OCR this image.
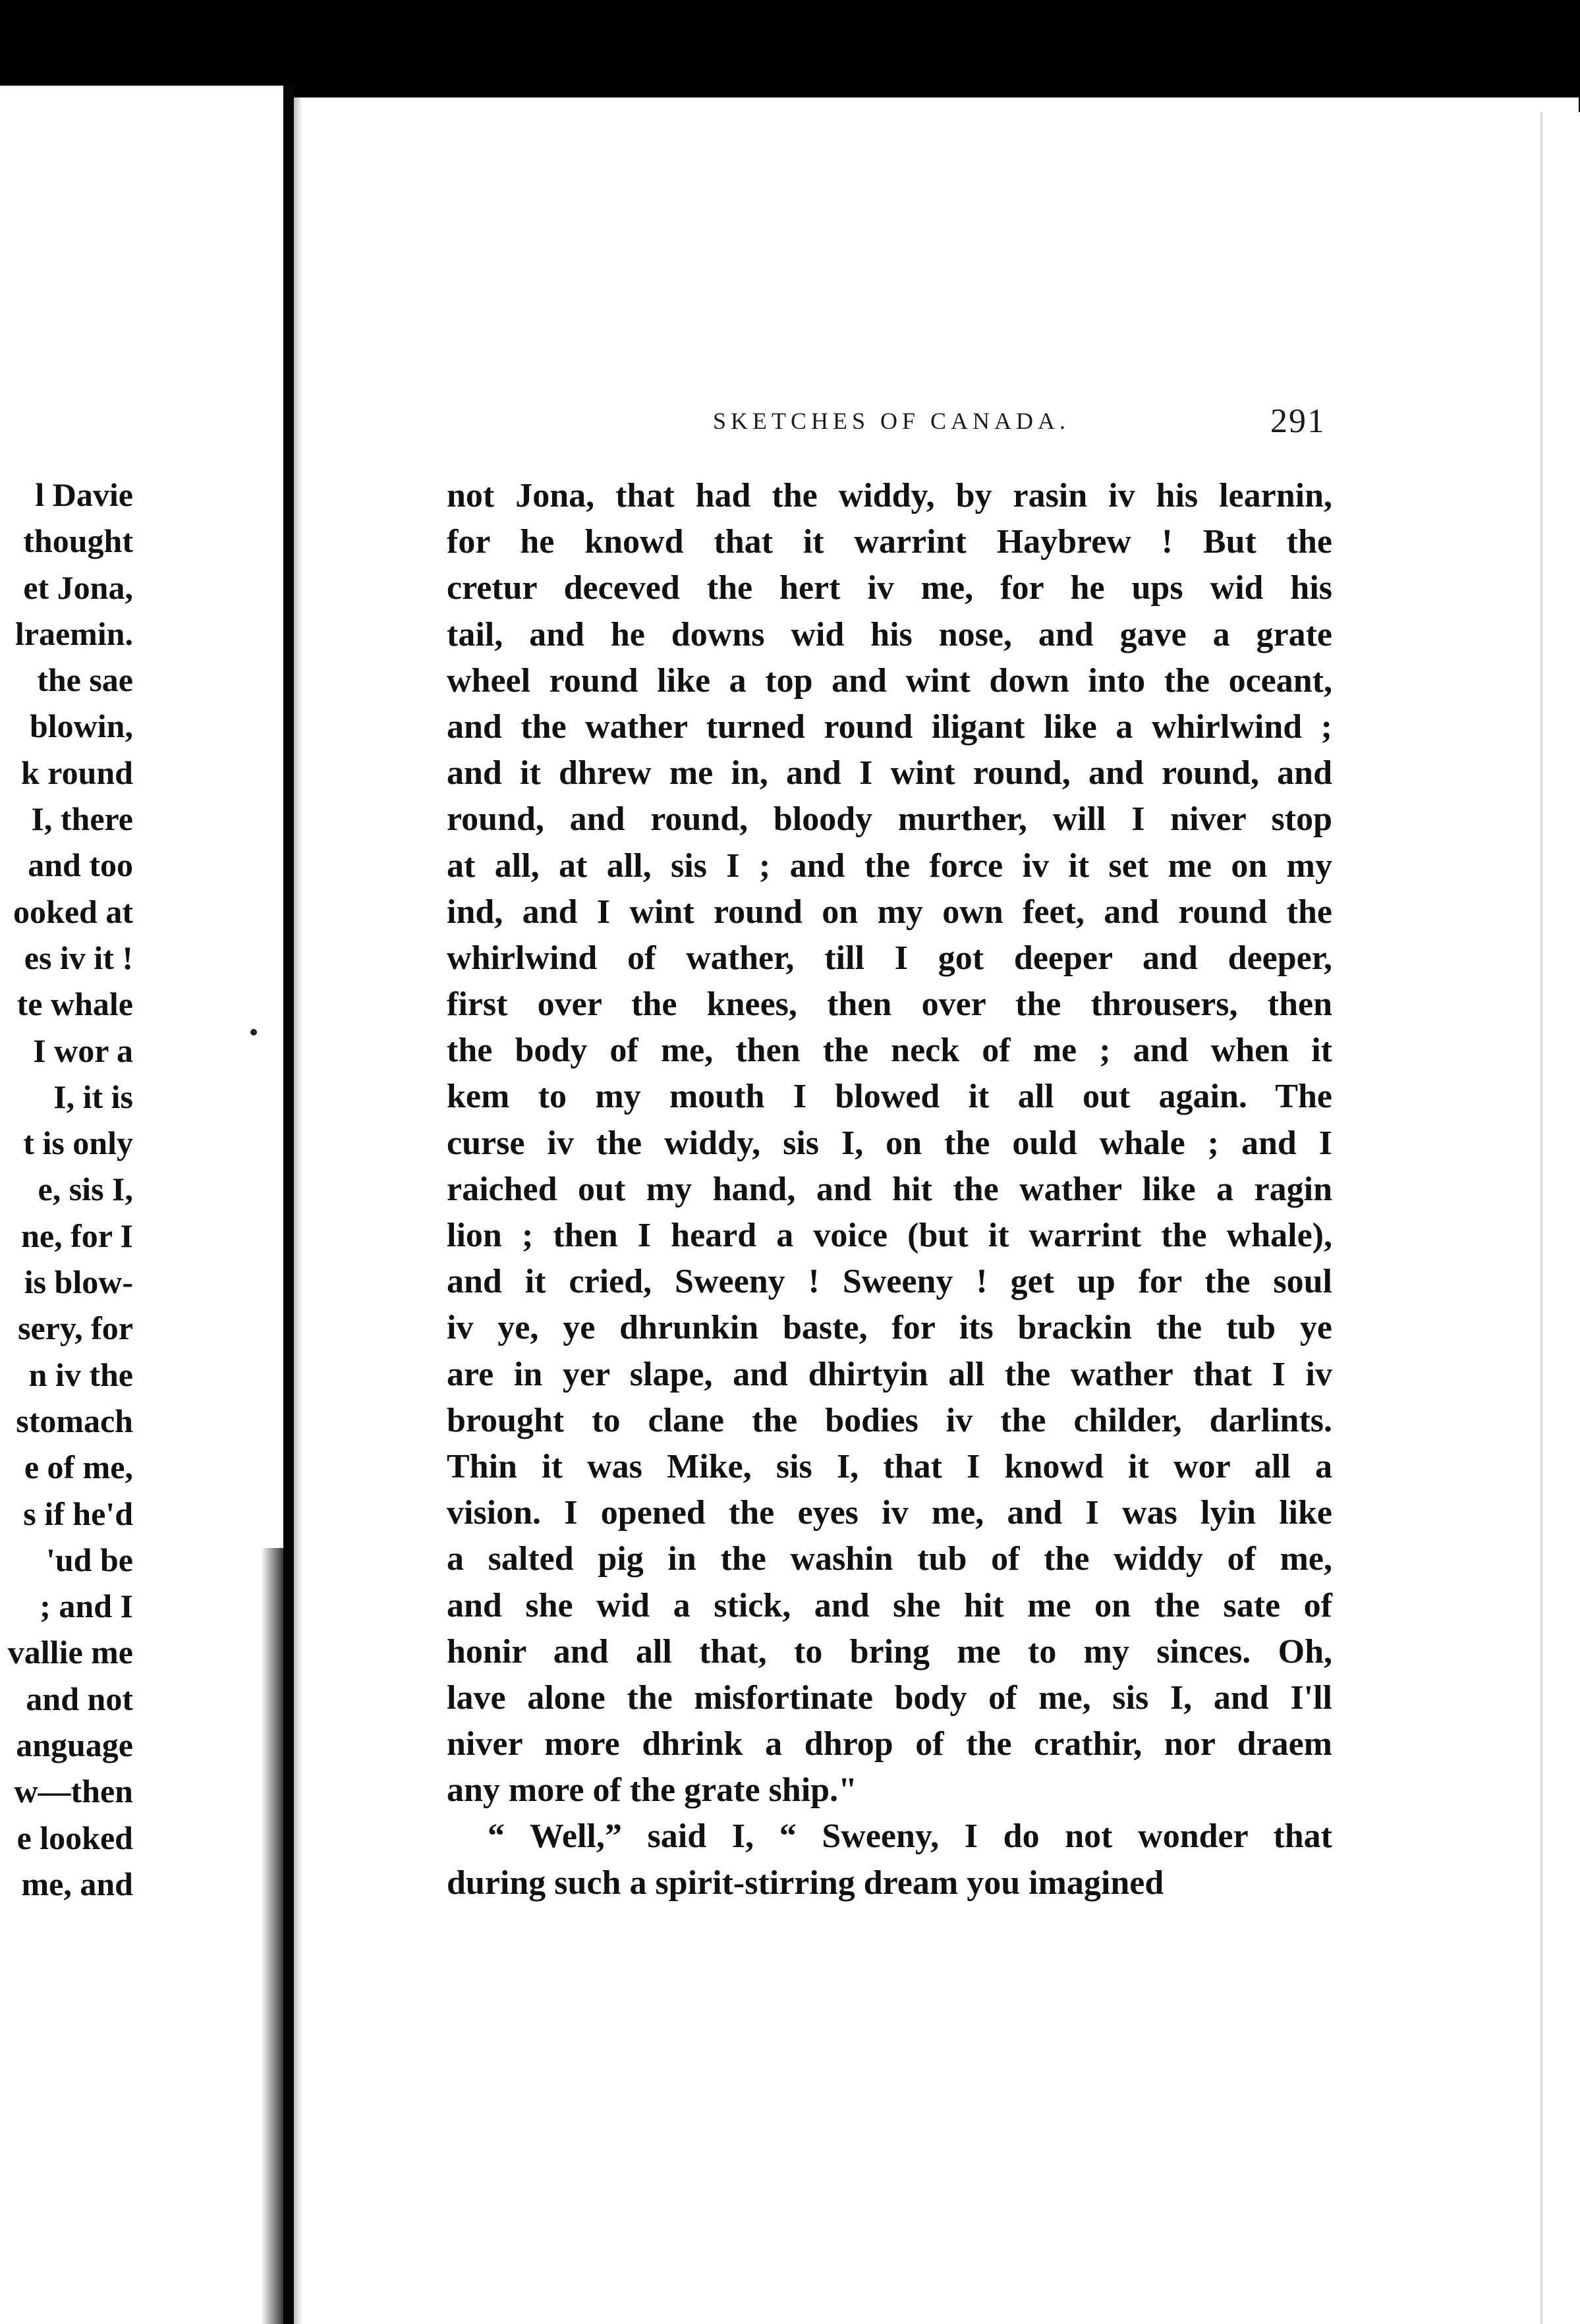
l Davie
thought
et Jona,
lraemin.
the sae
blowin,
k round
I, there
and too
ooked at
es iv it !
te whale
I wor a
I, it is
t is only
e, sis I,
ne, for I
is blow-
sery, for
n iv the
stomach
e of me,
s if he'd
'ud be
; and I
vallie me
and not
anguage
w—then
e looked
me, and
SKETCHES OF CANADA.	291
not Jona, that had the widdy, by rasin iv his learnin,
for he knowd that it warrint Haybrew ! But the
cretur deceved the hert iv me, for he ups wid his
tail, and he downs wid his nose, and gave a grate
wheel round like a top and wint down into the oceant,
and the wather turned round iligant like a whirlwind ;
and it dhrew me in, and I wint round, and round, and
round, and round, bloody murther, will I niver stop
at all, at all, sis I ; and the force iv it set me on my
ind, and I wint round on my own feet, and round the
whirlwind of wather, till I got deeper and deeper,
first over the knees, then over the throusers, then
the body of me, then the neck of me ; and when it
kem to my mouth I blowed it all out again. The
curse iv the widdy, sis I, on the ould whale ; and I
raiched out my hand, and hit the wather like a ragin
lion ; then I heard a voice (but it warrint the whale),
and it cried, Sweeny ! Sweeny ! get up for the soul
iv ye, ye dhrunkin baste, for its brackin the tub ye
are in yer slape, and dhirtyin all the wather that I iv
brought to clane the bodies iv the childer, darlints.
Thin it was Mike, sis I, that I knowd it wor all a
vision. I opened the eyes iv me, and I was lyin like
a salted pig in the washin tub of the widdy of me,
and she wid a stick, and she hit me on the sate of
honir and all that, to bring me to my sinces. Oh,
lave alone the misfortinate body of me, sis I, and I'll
niver more dhrink a dhrop of the crathir, nor draem
any more of the grate ship."
“ Well,” said I, “ Sweeny, I do not wonder that
during such a spirit-stirring dream you imagined
